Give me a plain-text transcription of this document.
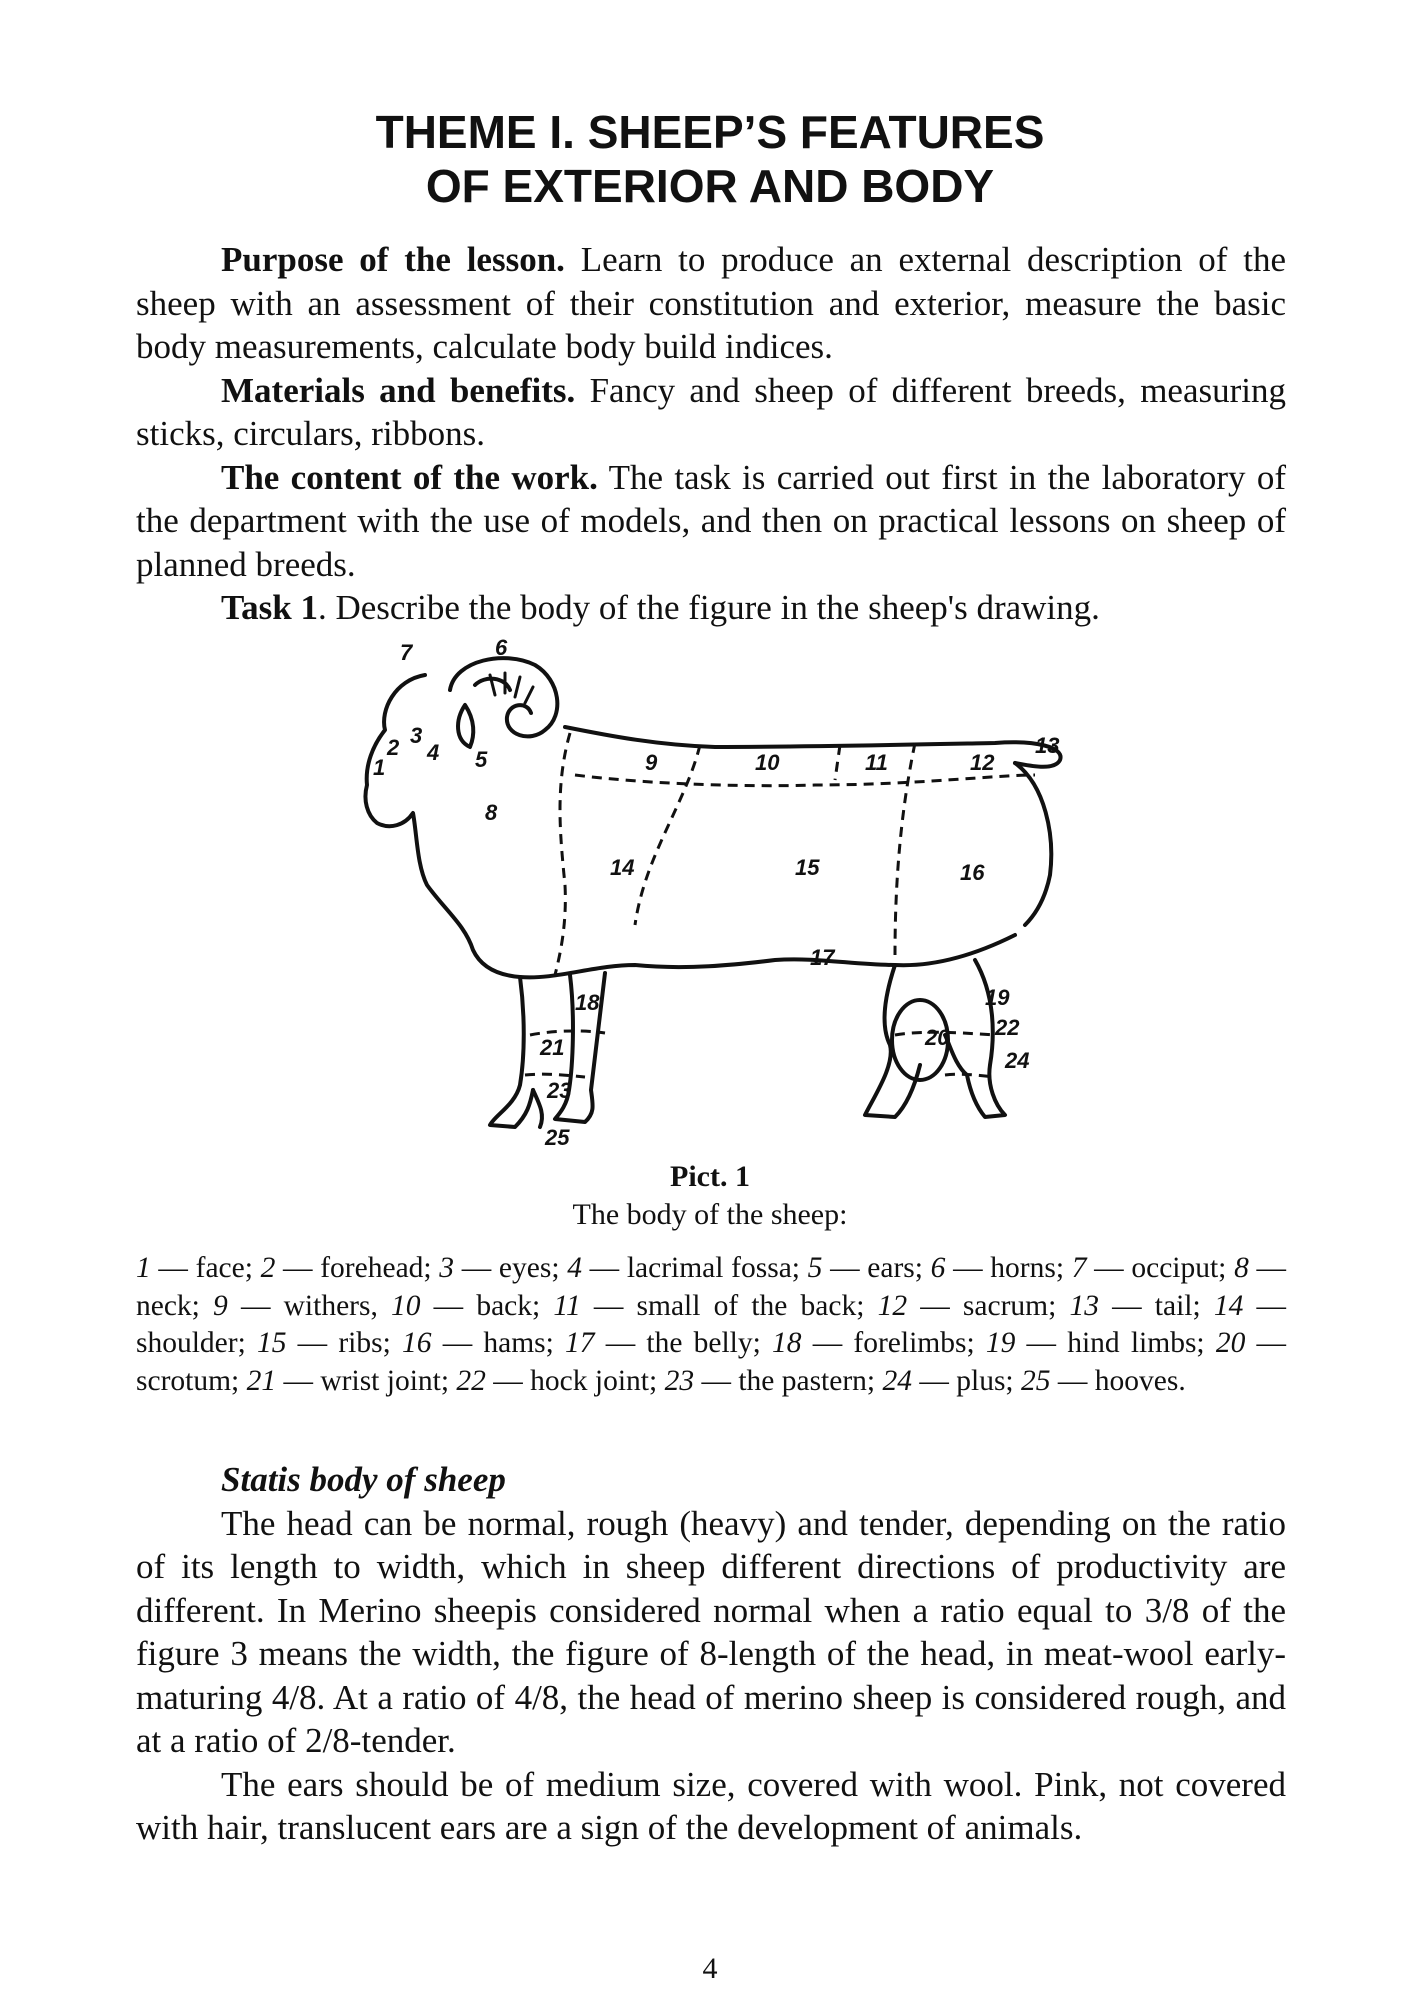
THEME I. SHEEP’S FEATURES
OF EXTERIOR AND BODY

Purpose of the lesson. Learn to produce an external description of the sheep with an assessment of their constitution and exterior, measure the basic body measurements, calculate body build indices.

Materials and benefits. Fancy and sheep of different breeds, measuring sticks, circulars, ribbons.

The content of the work. The task is carried out first in the laboratory of the department with the use of models, and then on practical lessons on sheep of planned breeds.

Task 1. Describe the body of the figure in the sheep's drawing.

7	6
2 3
4
1	5
8
9	10	11	12
13
14	15	16
17
18	19
20
21
22
23
24
25
Pict. 1
The body of the sheep:
1 — face; 2 — forehead; 3 — eyes; 4 — lacrimal fossa; 5 — ears; 6 — horns; 7 — occiput; 8 — neck; 9 — withers, 10 — back; 11 — small of the back; 12 — sacrum; 13 — tail; 14 — shoulder; 15 — ribs; 16 — hams; 17 — the belly; 18 — forelimbs; 19 — hind limbs; 20 — scrotum; 21 — wrist joint; 22 — hock joint; 23 — the pastern; 24 — plus; 25 — hooves.

Statis body of sheep

The head can be normal, rough (heavy) and tender, depending on the ratio of its length to width, which in sheep different directions of productivity are different. In Merino sheepis considered normal when a ratio equal to 3/8 of the figure 3 means the width, the figure of 8-length of the head, in meat-wool early-maturing 4/8. At a ratio of 4/8, the head of merino sheep is considered rough, and at a ratio of 2/8-tender.

The ears should be of medium size, covered with wool. Pink, not covered with hair, translucent ears are a sign of the development of animals.

4
